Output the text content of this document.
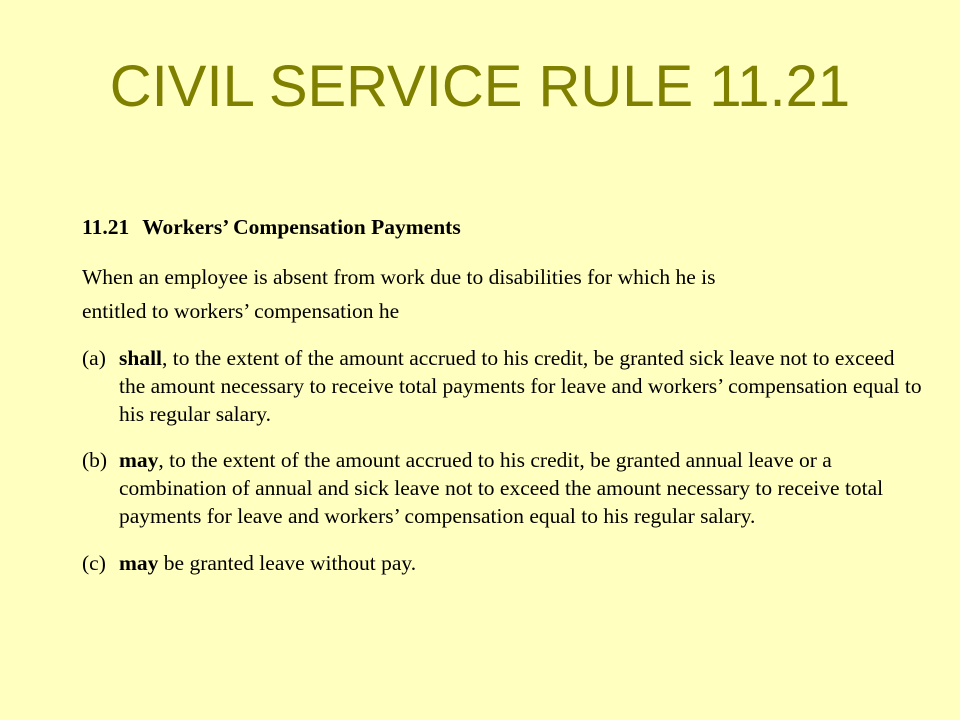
CIVIL SERVICE RULE 11.21

11.21 Workers’ Compensation Payments

When an employee is absent from work due to disabilities for which he is
entitled to workers’ compensation he

(a) shall, to the extent of the amount accrued to his credit, be granted sick leave not to exceed the amount necessary to receive total payments for leave and workers’ compensation equal to his regular salary.

(b) may, to the extent of the amount accrued to his credit, be granted annual leave or a combination of annual and sick leave not to exceed the amount necessary to receive total payments for leave and workers’ compensation equal to his regular salary.

(c) may be granted leave without pay.
